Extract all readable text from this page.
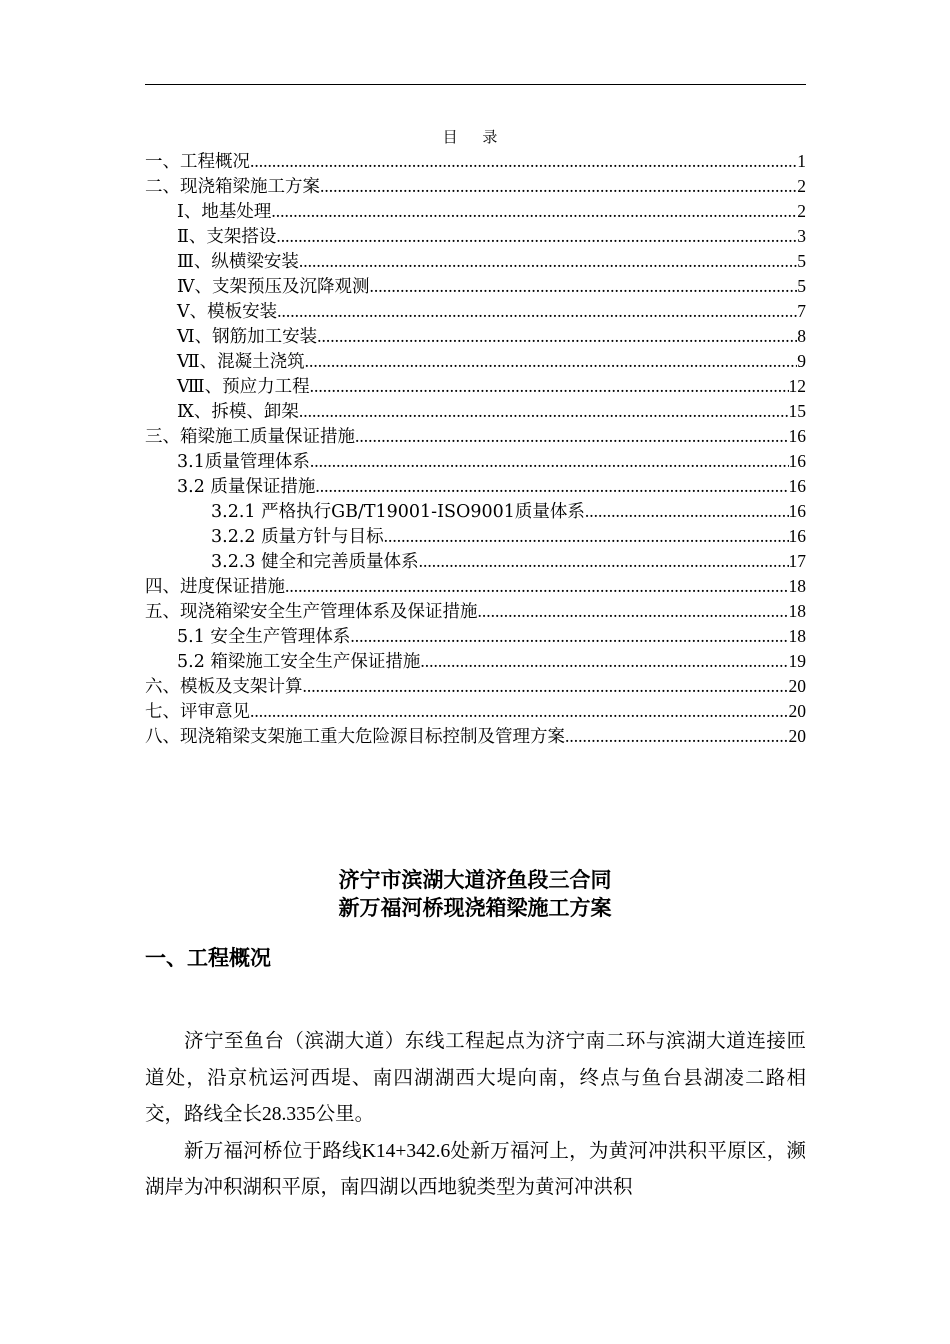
目 录
一、工程概况 .....	1
二、现浇箱梁施工方案 .....	2
Ⅰ、地基处理 .....	2
Ⅱ、支架搭设 .....	3
Ⅲ、纵横梁安装 .....	5
Ⅳ、支架预压及沉降观测 .....	5
Ⅴ、模板安装 .....	7
Ⅵ、钢筋加工安装 .....	8
Ⅶ、混凝土浇筑 .....	9
Ⅷ、预应力工程 .....	12
Ⅸ、拆模、卸架 .....	15
三、箱梁施工质量保证措施 .....	16
3.1质量管理体系 .....	16
3.2 质量保证措施 .....	16
3.2.1 严格执行GB/T19001-ISO9001质量体系 .....	16
3.2.2 质量方针与目标 .....	16
3.2.3 健全和完善质量体系 .....	17
四、进度保证措施 .....	18
五、现浇箱梁安全生产管理体系及保证措施 .....	18
5.1 安全生产管理体系 .....	18
5.2 箱梁施工安全生产保证措施 .....	19
六、模板及支架计算 .....	20
七、评审意见 .....	20
八、现浇箱梁支架施工重大危险源目标控制及管理方案 .....	20
济宁市滨湖大道济鱼段三合同
新万福河桥现浇箱梁施工方案
一、工程概况

济宁至鱼台（滨湖大道）东线工程起点为济宁南二环与滨湖大道连接匝道处，沿京杭运河西堤、南四湖湖西大堤向南，终点与鱼台县湖凌二路相交，路线全长28.335公里。

新万福河桥位于路线K14+342.6处新万福河上，为黄河冲洪积平原区，濒湖岸为冲积湖积平原，南四湖以西地貌类型为黄河冲洪积
